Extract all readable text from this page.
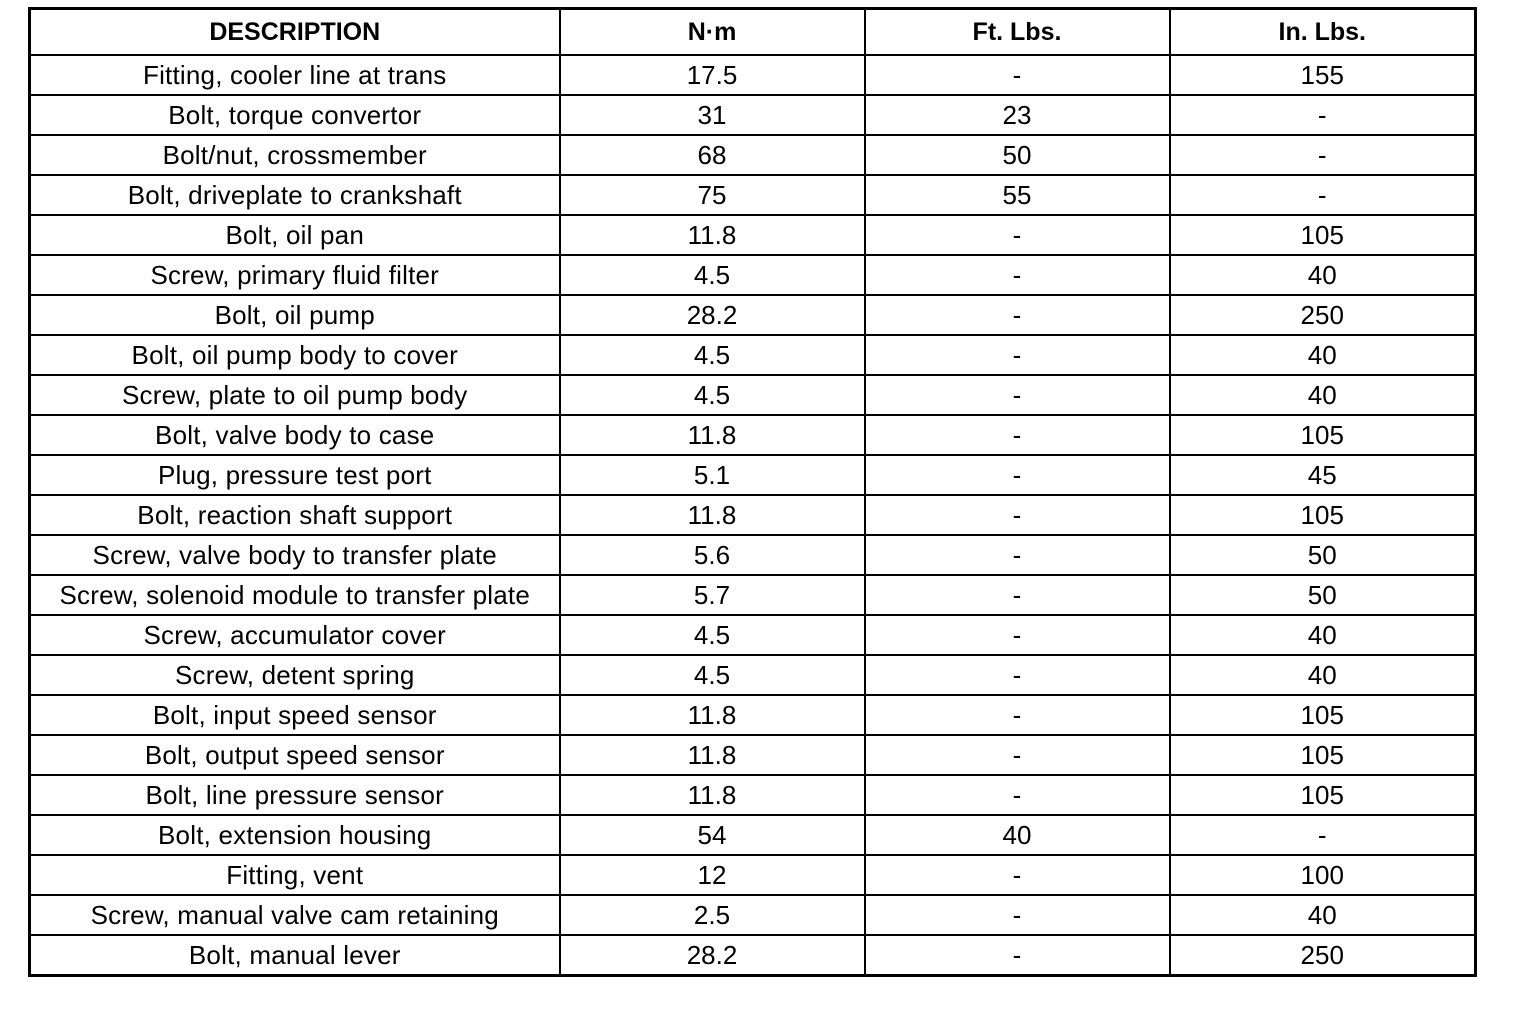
DESCRIPTION	N·m	Ft. Lbs.	In. Lbs.
Fitting, cooler line at trans	17.5	-	155
Bolt, torque convertor	31	23	-
Bolt/nut, crossmember	68	50	-
Bolt, driveplate to crankshaft	75	55	-
Bolt, oil pan	11.8	-	105
Screw, primary fluid filter	4.5	-	40
Bolt, oil pump	28.2	-	250
Bolt, oil pump body to cover	4.5	-	40
Screw, plate to oil pump body	4.5	-	40
Bolt, valve body to case	11.8	-	105
Plug, pressure test port	5.1	-	45
Bolt, reaction shaft support	11.8	-	105
Screw, valve body to transfer plate	5.6	-	50
Screw, solenoid module to transfer plate	5.7	-	50
Screw, accumulator cover	4.5	-	40
Screw, detent spring	4.5	-	40
Bolt, input speed sensor	11.8	-	105
Bolt, output speed sensor	11.8	-	105
Bolt, line pressure sensor	11.8	-	105
Bolt, extension housing	54	40	-
Fitting, vent	12	-	100
Screw, manual valve cam retaining	2.5	-	40
Bolt, manual lever	28.2	-	250
